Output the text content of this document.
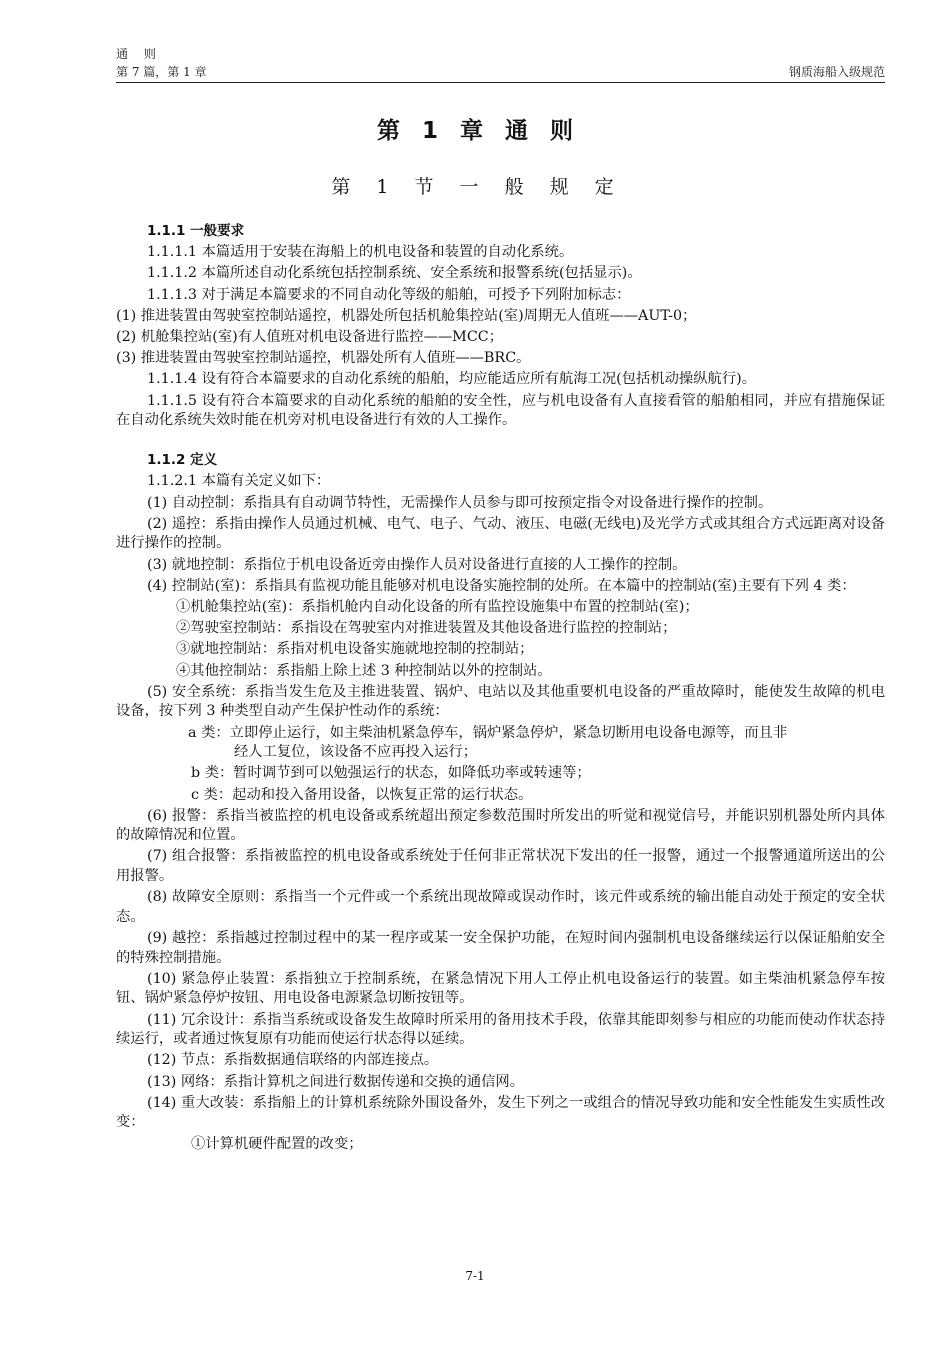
通 则
第 7 篇，第 1 章	钢质海船入级规范
第 1 章 通 则
第 1 节 一 般 规 定
1.1.1 一般要求
1.1.1.1 本篇适用于安装在海船上的机电设备和装置的自动化系统。
1.1.1.2 本篇所述自动化系统包括控制系统、安全系统和报警系统(包括显示)。
1.1.1.3 对于满足本篇要求的不同自动化等级的船舶，可授予下列附加标志：
(1) 推进装置由驾驶室控制站遥控，机器处所包括机舱集控站(室)周期无人值班——AUT-0；
(2) 机舱集控站(室)有人值班对机电设备进行监控——MCC；
(3) 推进装置由驾驶室控制站遥控，机器处所有人值班——BRC。
1.1.1.4 设有符合本篇要求的自动化系统的船舶，均应能适应所有航海工况(包括机动操纵航行)。
1.1.1.5 设有符合本篇要求的自动化系统的船舶的安全性，应与机电设备有人直接看管的船舶相同，并应有措施保证在自动化系统失效时能在机旁对机电设备进行有效的人工操作。
1.1.2 定义
1.1.2.1 本篇有关定义如下：
(1) 自动控制：系指具有自动调节特性，无需操作人员参与即可按预定指令对设备进行操作的控制。
(2) 遥控：系指由操作人员通过机械、电气、电子、气动、液压、电磁(无线电)及光学方式或其组合方式远距离对设备进行操作的控制。
(3) 就地控制：系指位于机电设备近旁由操作人员对设备进行直接的人工操作的控制。
(4) 控制站(室)：系指具有监视功能且能够对机电设备实施控制的处所。在本篇中的控制站(室)主要有下列 4 类：
①机舱集控站(室)：系指机舱内自动化设备的所有监控设施集中布置的控制站(室)；
②驾驶室控制站：系指设在驾驶室内对推进装置及其他设备进行监控的控制站；
③就地控制站：系指对机电设备实施就地控制的控制站；
④其他控制站：系指船上除上述 3 种控制站以外的控制站。
(5) 安全系统：系指当发生危及主推进装置、锅炉、电站以及其他重要机电设备的严重故障时，能使发生故障的机电设备，按下列 3 种类型自动产生保护性动作的系统：
a 类：立即停止运行，如主柴油机紧急停车，锅炉紧急停炉，紧急切断用电设备电源等，而且非
经人工复位，该设备不应再投入运行；
b 类：暂时调节到可以勉强运行的状态，如降低功率或转速等；
c 类：起动和投入备用设备，以恢复正常的运行状态。
(6) 报警：系指当被监控的机电设备或系统超出预定参数范围时所发出的听觉和视觉信号，并能识别机器处所内具体的故障情况和位置。
(7) 组合报警：系指被监控的机电设备或系统处于任何非正常状况下发出的任一报警，通过一个报警通道所送出的公用报警。
(8) 故障安全原则：系指当一个元件或一个系统出现故障或误动作时，该元件或系统的输出能自动处于预定的安全状态。
(9) 越控：系指越过控制过程中的某一程序或某一安全保护功能，在短时间内强制机电设备继续运行以保证船舶安全的特殊控制措施。
(10) 紧急停止装置：系指独立于控制系统，在紧急情况下用人工停止机电设备运行的装置。如主柴油机紧急停车按钮、锅炉紧急停炉按钮、用电设备电源紧急切断按钮等。
(11) 冗余设计：系指当系统或设备发生故障时所采用的备用技术手段，依靠其能即刻参与相应的功能而使动作状态持续运行，或者通过恢复原有功能而使运行状态得以延续。
(12) 节点：系指数据通信联络的内部连接点。
(13) 网络：系指计算机之间进行数据传递和交换的通信网。
(14) 重大改装：系指船上的计算机系统除外围设备外，发生下列之一或组合的情况导致功能和安全性能发生实质性改变：
①计算机硬件配置的改变；
7-1
